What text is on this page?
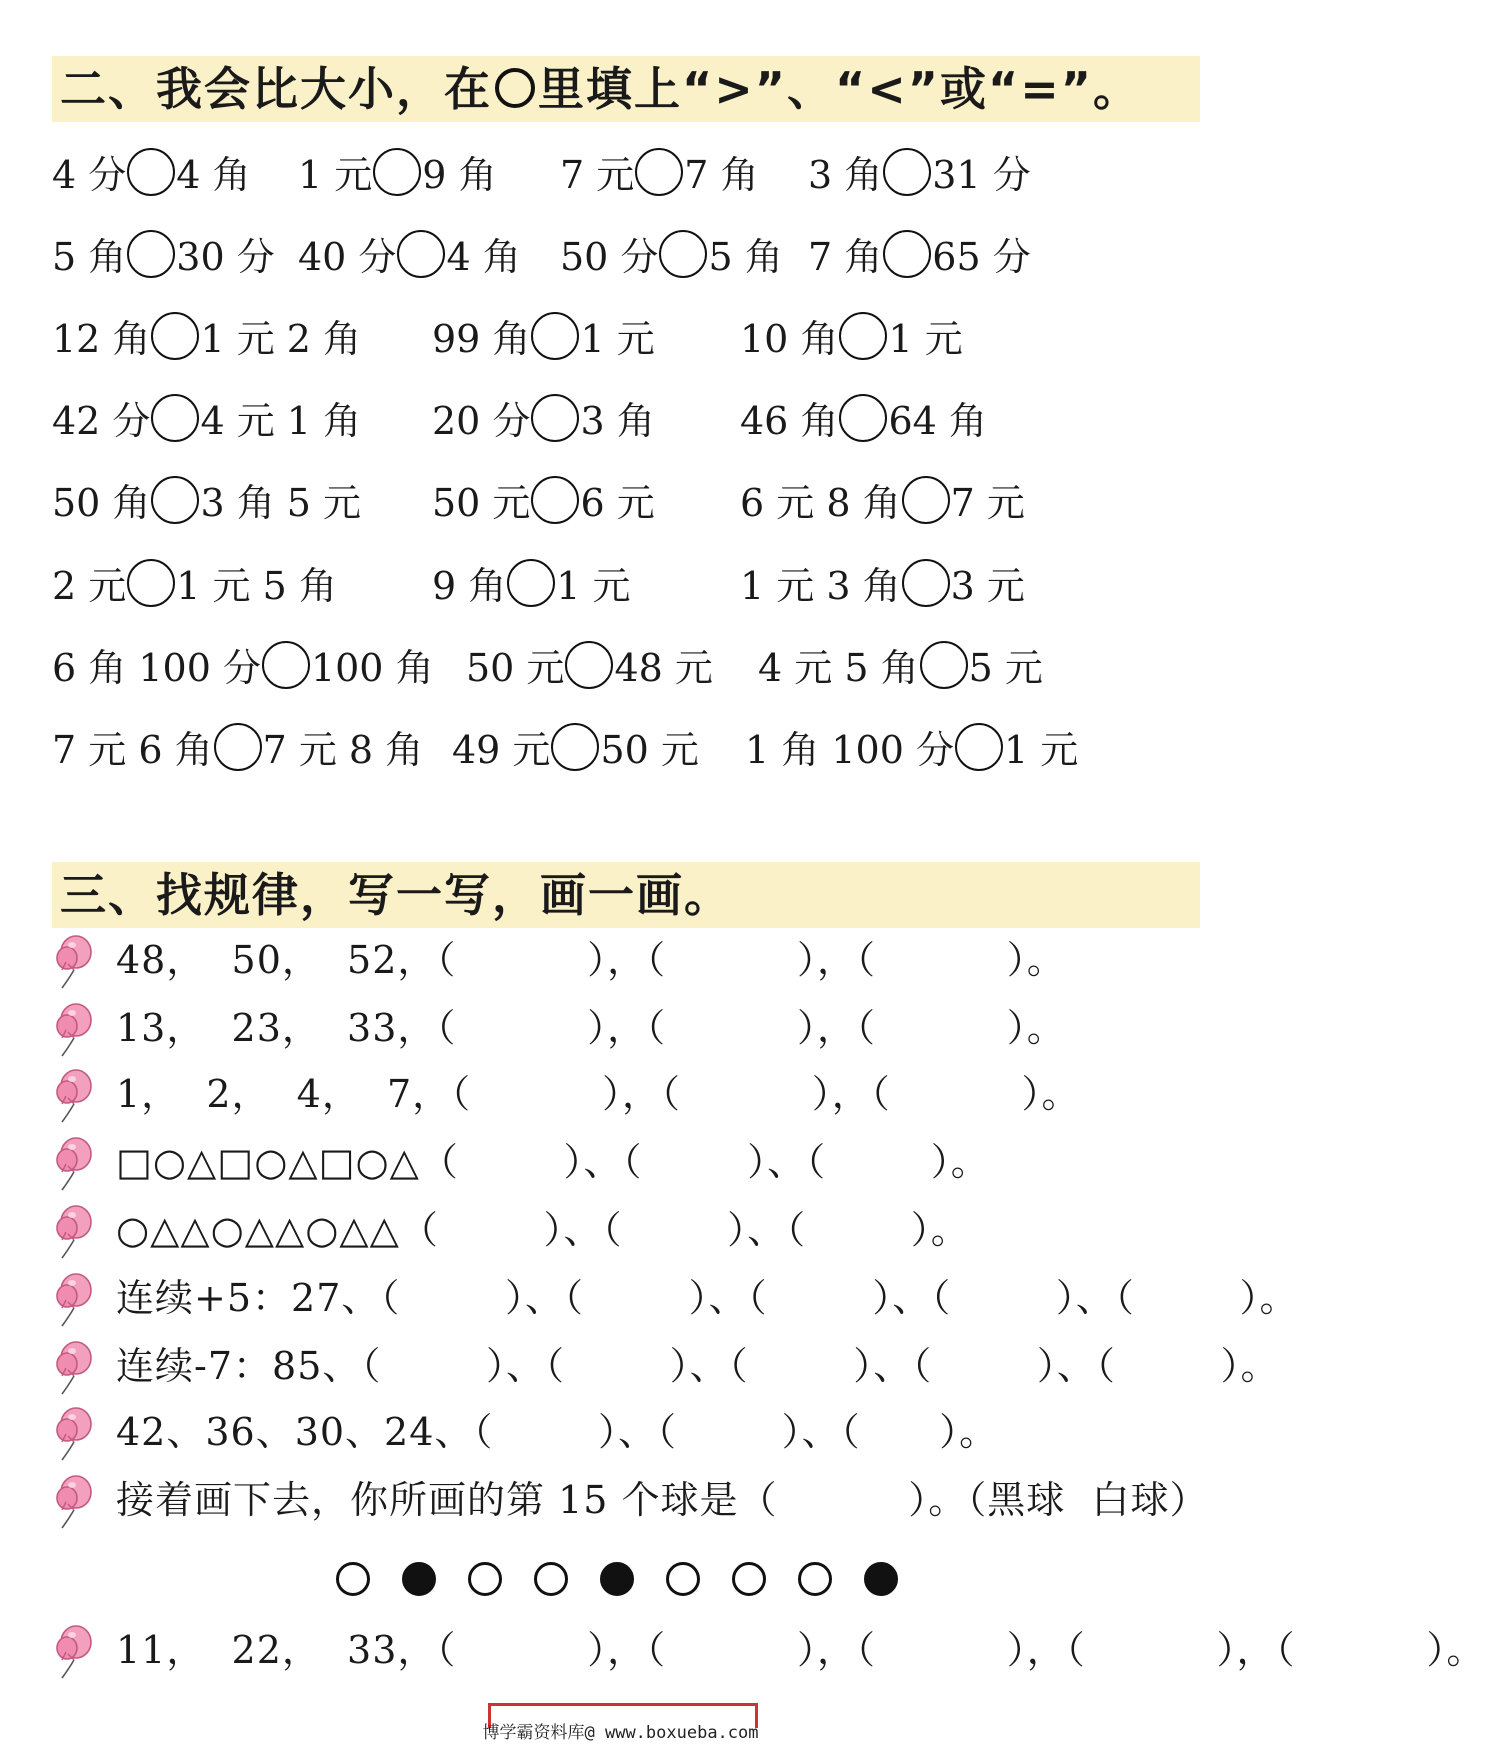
二、我会比大小，在 里填上“>”、“<”或“=”。
4 分 4 角 1 元 9 角 7 元 7 角 3 角 31 分
5 角 30 分 40 分 4 角 50 分 5 角 7 角 65 分
12 角 1 元 2 角 99 角 1 元 10 角 1 元
42 分 4 元 1 角 20 分 3 角 46 角 64 角
50 角 3 角 5 元 50 元 6 元 6 元 8 角 7 元
2 元 1 元 5 角	9 角 1 元	1 元 3 角 3 元
6 角 100 分 100 角 50 元 48 元 4 元 5 角 5 元
7 元 6 角 7 元 8 角 49 元 50 元 1 角 100 分 1 元
三、找规律，写一写，画一画。
48，  50，  52，（          ），（          ），（          ）。
13，  23，  33，（          ），（          ），（          ）。
1，  2，  4，  7，（          ），（          ），（          ）。
□○△□○△□○△（        ）、（        ）、（        ）。
○△△○△△○△△（        ）、（        ）、（        ）。
连续+5：27、（        ）、（        ）、（        ）、（        ）、（        ）。
连续-7：85、（        ）、（        ）、（        ）、（        ）、（        ）。
42、36、30、24、（        ）、（        ）、（      ）。
接着画下去，你所画的第 15 个球是（          ）。（黑球  白球）
11，  22，  33，（          ），（          ），（          ），（          ），（          ）。
博学霸资料库@ www.boxueba.com
